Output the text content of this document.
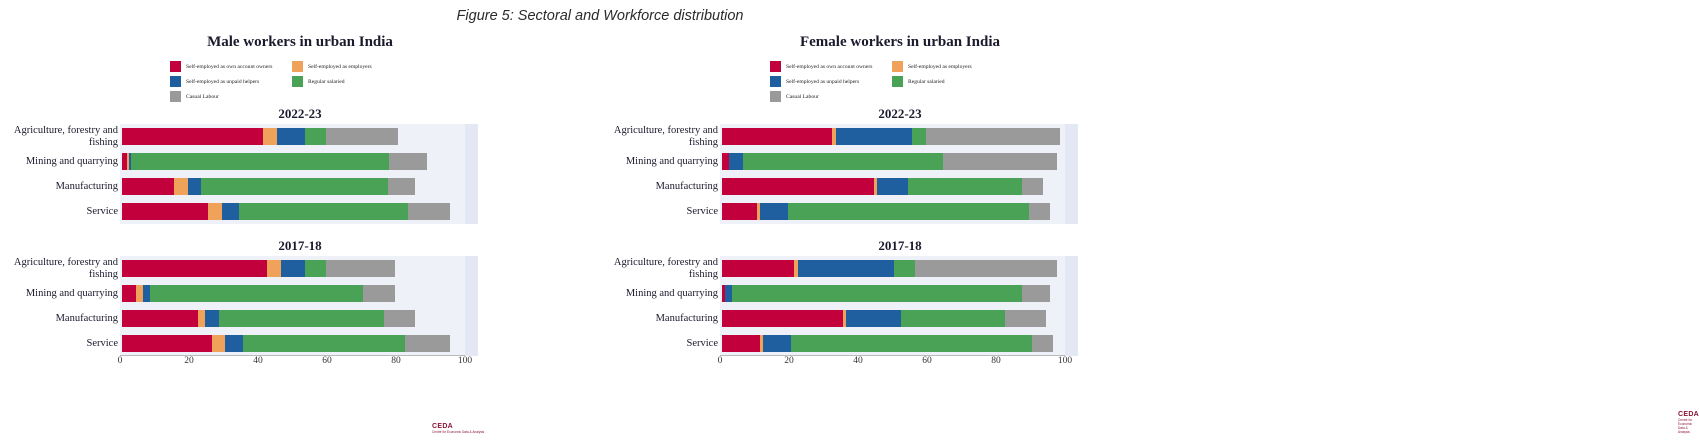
Figure 5: Sectoral and Workforce distribution
Male workers in urban India
Self-employed as own account owners	Self-employed as employers
Self-employed as unpaid helpers	Regular salaried
Casual Labour
2022-23
Agriculture, forestry and fishing
Mining and quarrying
Manufacturing
Service
2017-18
Agriculture, forestry and fishing
Mining and quarrying
Manufacturing
Service
0	20	40	60	80	100
CEDA
Centre for Economic Data & Analysis
Female workers in urban India
Self-employed as own account owners	Self-employed as employers
Self-employed as unpaid helpers	Regular salaried
Casual Labour
2022-23
Agriculture, forestry and fishing
Mining and quarrying
Manufacturing
Service
2017-18
Agriculture, forestry and fishing
Mining and quarrying
Manufacturing
Service
0	20	40	60	80	100
CEDA
Centre for Economic Data & Analysis
